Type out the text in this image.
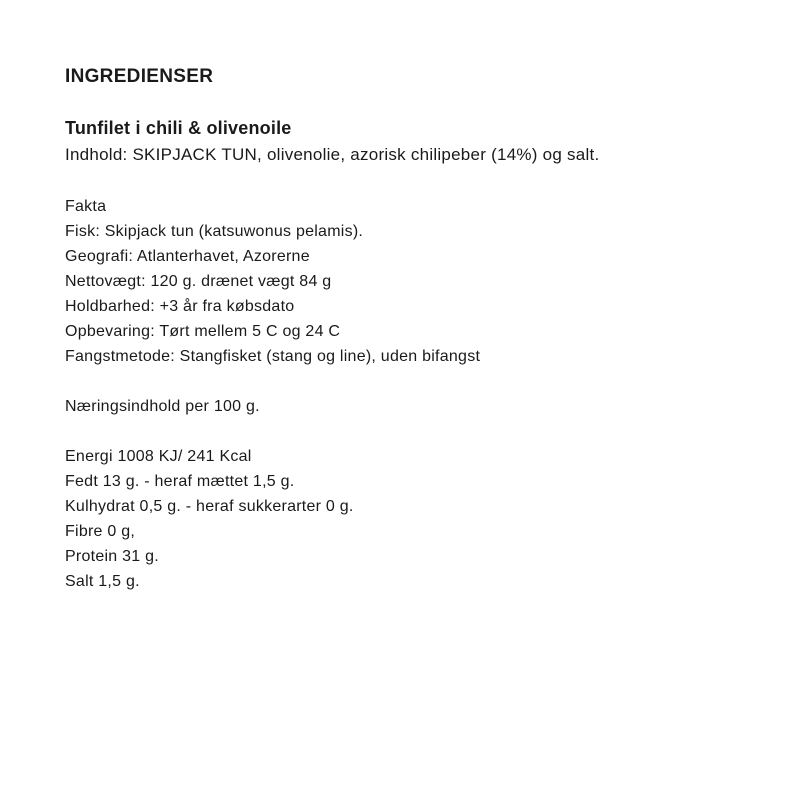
INGREDIENSER
Tunfilet i chili & olivenoile
Indhold: SKIPJACK TUN, olivenolie, azorisk chilipeber (14%) og salt.
Fakta
Fisk: Skipjack tun (katsuwonus pelamis).
Geografi: Atlanterhavet, Azorerne
Nettovægt: 120 g. drænet vægt 84 g
Holdbarhed: +3 år fra købsdato
Opbevaring: Tørt mellem 5 C og 24 C
Fangstmetode: Stangfisket (stang og line), uden bifangst
Næringsindhold per 100 g.
Energi 1008 KJ/ 241 Kcal
Fedt 13 g. - heraf mættet 1,5 g.
Kulhydrat 0,5 g. - heraf sukkerarter 0 g.
Fibre 0 g,
Protein 31 g.
Salt 1,5 g.
